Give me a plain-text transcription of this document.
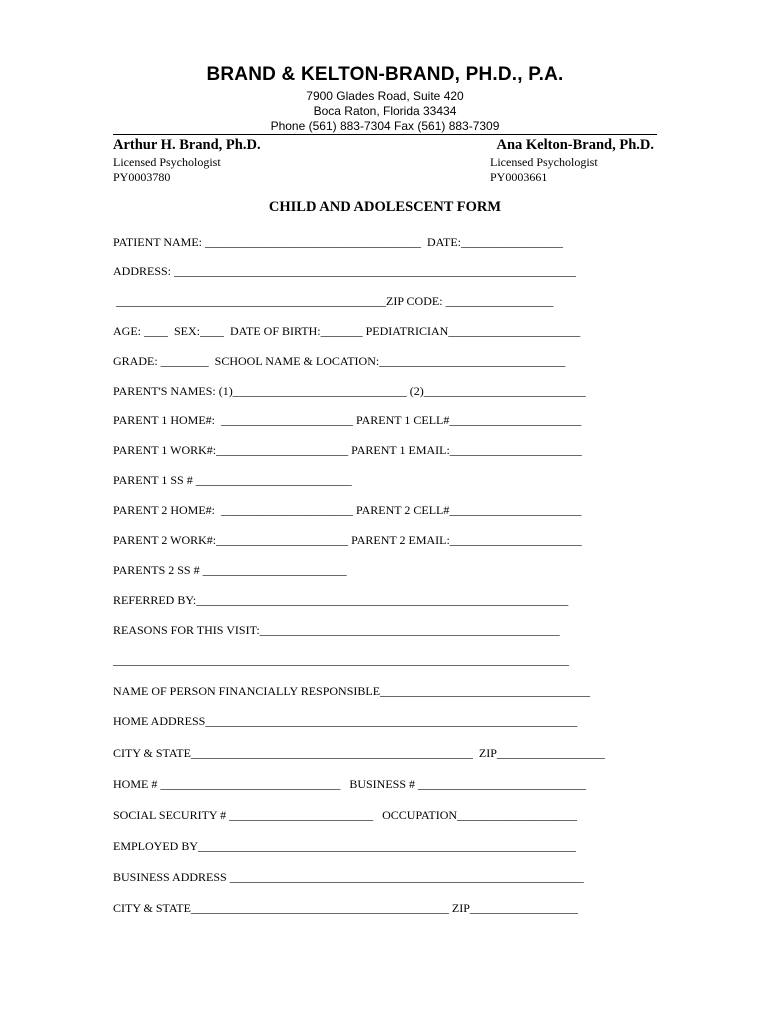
BRAND & KELTON-BRAND, PH.D., P.A.
7900 Glades Road, Suite 420
Boca Raton, Florida 33434
Phone (561) 883-7304 Fax (561) 883-7309
Arthur H. Brand, Ph.D.
Licensed Psychologist
PY0003780
Ana Kelton-Brand, Ph.D.
Licensed Psychologist
PY0003661
CHILD AND ADOLESCENT FORM
PATIENT NAME: ____________________________________  DATE:_________________
ADDRESS: ___________________________________________________________________
_____________________________________________ZIP CODE: __________________
AGE: ____  SEX:____  DATE OF BIRTH:_______ PEDIATRICIAN______________________
GRADE: ________  SCHOOL NAME & LOCATION:_______________________________
PARENT'S NAMES: (1)_____________________________ (2)___________________________
PARENT 1 HOME#:  ______________________ PARENT 1 CELL#______________________
PARENT 1 WORK#:______________________ PARENT 1 EMAIL:______________________
PARENT 1 SS # __________________________
PARENT 2 HOME#:  ______________________ PARENT 2 CELL#______________________
PARENT 2 WORK#:______________________ PARENT 2 EMAIL:______________________
PARENTS 2 SS # ________________________
REFERRED BY:______________________________________________________________
REASONS FOR THIS VISIT:__________________________________________________
____________________________________________________________________________
NAME OF PERSON FINANCIALLY RESPONSIBLE___________________________________
HOME ADDRESS______________________________________________________________
CITY & STATE_______________________________________________  ZIP__________________
HOME # ______________________________   BUSINESS # ____________________________
SOCIAL SECURITY # ________________________   OCCUPATION____________________
EMPLOYED BY_______________________________________________________________
BUSINESS ADDRESS ___________________________________________________________
CITY & STATE___________________________________________ ZIP__________________
